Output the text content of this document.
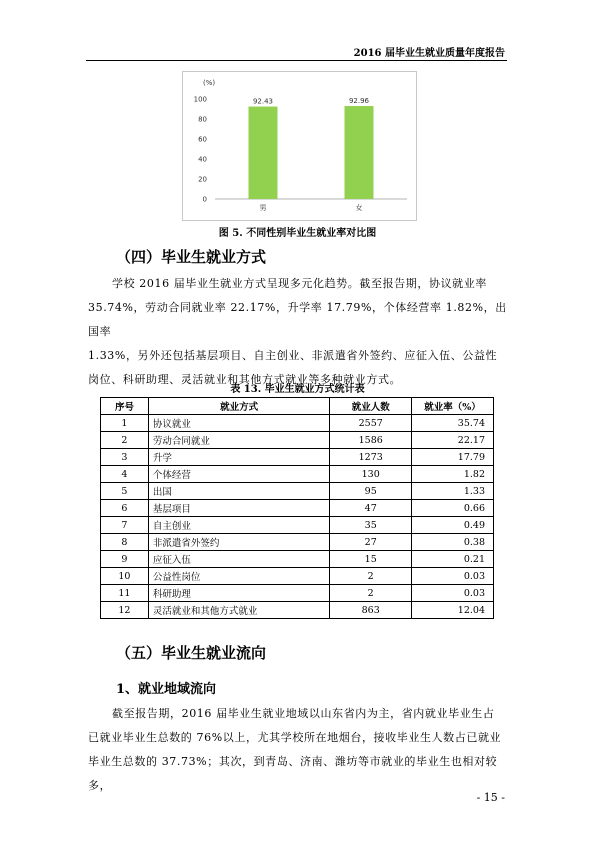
2016 届毕业生就业质量年度报告
(%)
0
20
40
60
80
100	92.43
男
92.96
女
图 5. 不同性别毕业生就业率对比图
（四）毕业生就业方式
学校 2016 届毕业生就业方式呈现多元化趋势。截至报告期，协议就业率
35.74%，劳动合同就业率 22.17%，升学率 17.79%，个体经营率 1.82%，出国率
1.33%，另外还包括基层项目、自主创业、非派遣省外签约、应征入伍、公益性
岗位、科研助理、灵活就业和其他方式就业等多种就业方式。
表 13. 毕业生就业方式统计表
序号	就业方式	就业人数	就业率（%）
1	协议就业	2557	35.74
2	劳动合同就业	1586	22.17
3	升学	1273	17.79
4	个体经营	130	1.82
5	出国	95	1.33
6	基层项目	47	0.66
7	自主创业	35	0.49
8	非派遣省外签约	27	0.38
9	应征入伍	15	0.21
10	公益性岗位	2	0.03
11	科研助理	2	0.03
12	灵活就业和其他方式就业	863	12.04
（五）毕业生就业流向
1、就业地域流向
截至报告期，2016 届毕业生就业地域以山东省内为主，省内就业毕业生占
已就业毕业生总数的 76%以上，尤其学校所在地烟台，接收毕业生人数占已就业
毕业生总数的 37.73%；其次，到青岛、济南、潍坊等市就业的毕业生也相对较多，
- 15 -
